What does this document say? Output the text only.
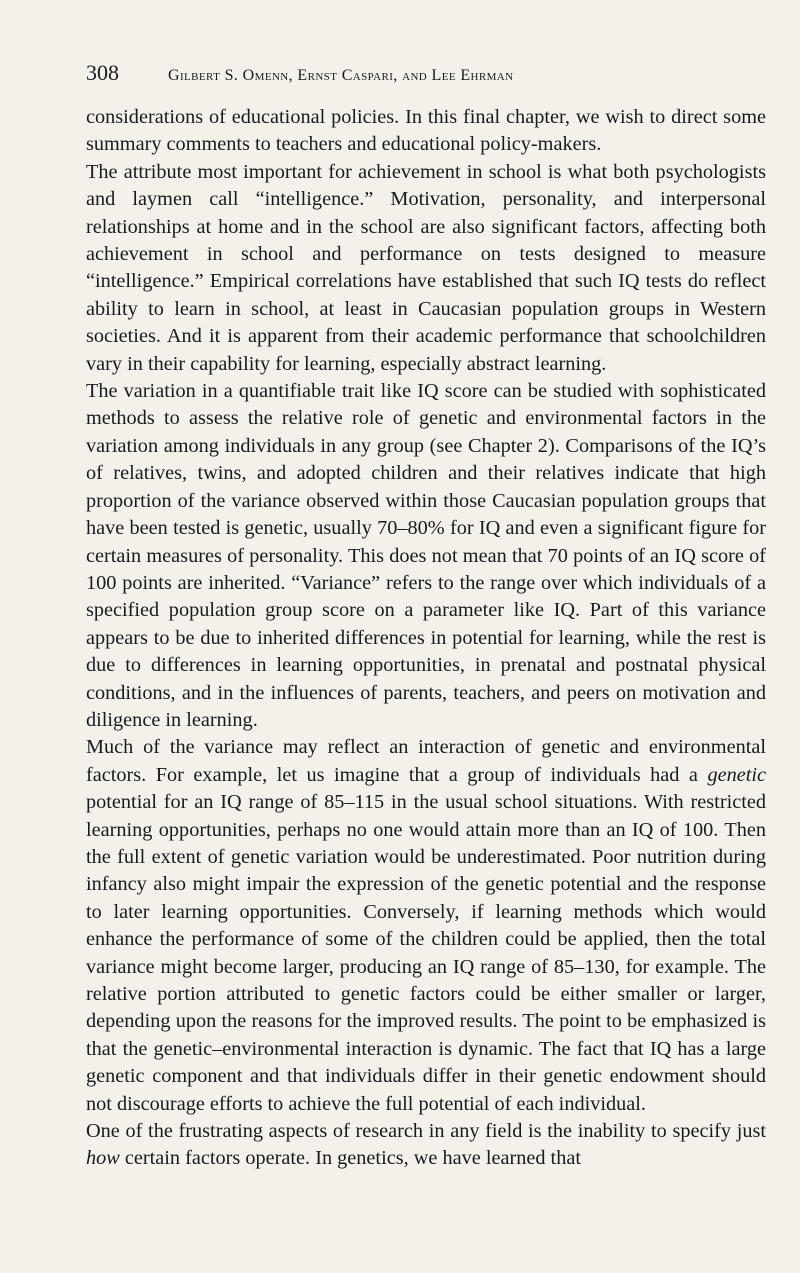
308	Gilbert S. Omenn, Ernst Caspari, and Lee Ehrman

considerations of educational policies. In this final chapter, we wish to direct some summary comments to teachers and educational policy-makers.

The attribute most important for achievement in school is what both psychologists and laymen call “intelligence.” Motivation, personality, and interpersonal relationships at home and in the school are also significant factors, affecting both achievement in school and performance on tests designed to measure “intelligence.” Empirical correlations have established that such IQ tests do reflect ability to learn in school, at least in Caucasian population groups in Western societies. And it is apparent from their academic performance that schoolchildren vary in their capability for learning, especially abstract learning.

The variation in a quantifiable trait like IQ score can be studied with sophisticated methods to assess the relative role of genetic and environmental factors in the variation among individuals in any group (see Chapter 2). Comparisons of the IQ’s of relatives, twins, and adopted children and their relatives indicate that high proportion of the variance observed within those Caucasian population groups that have been tested is genetic, usually 70–80% for IQ and even a significant figure for certain measures of personality. This does not mean that 70 points of an IQ score of 100 points are inherited. “Variance” refers to the range over which individuals of a specified population group score on a parameter like IQ. Part of this variance appears to be due to inherited differences in potential for learning, while the rest is due to differences in learning opportunities, in prenatal and postnatal physical conditions, and in the influences of parents, teachers, and peers on motivation and diligence in learning.

Much of the variance may reflect an interaction of genetic and environmental factors. For example, let us imagine that a group of individuals had a genetic potential for an IQ range of 85–115 in the usual school situations. With restricted learning opportunities, perhaps no one would attain more than an IQ of 100. Then the full extent of genetic variation would be underestimated. Poor nutrition during infancy also might impair the expression of the genetic potential and the response to later learning opportunities. Conversely, if learning methods which would enhance the performance of some of the children could be applied, then the total variance might become larger, producing an IQ range of 85–130, for example. The relative portion attributed to genetic factors could be either smaller or larger, depending upon the reasons for the improved results. The point to be emphasized is that the genetic–environmental interaction is dynamic. The fact that IQ has a large genetic component and that individuals differ in their genetic endowment should not discourage efforts to achieve the full potential of each individual.

One of the frustrating aspects of research in any field is the inability to specify just how certain factors operate. In genetics, we have learned that
